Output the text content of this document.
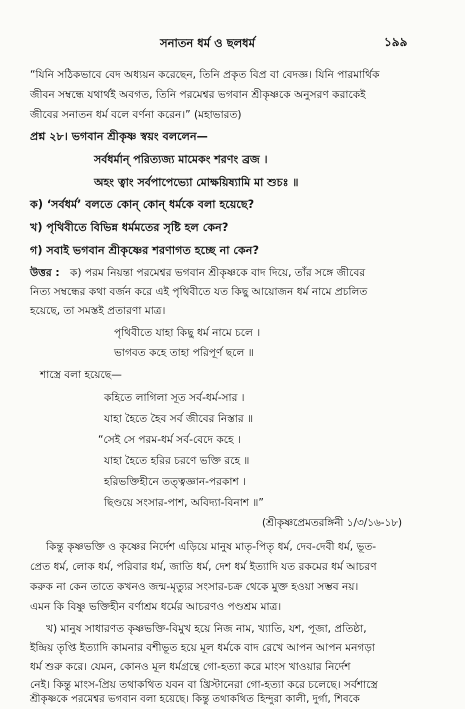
সনাতন ধর্ম ও ছলধর্ম	১৯৯
“যিনি সঠিকভাবে বেদ অধ্যয়ন করেছেন, তিনি প্রকৃত বিপ্র বা বেদজ্ঞ। যিনি পারমার্থিক
জীবন সম্বন্ধে যথার্থই অবগত, তিনি পরমেশ্বর ভগবান শ্রীকৃষ্ণকে অনুসরণ করাকেই
জীবের সনাতন ধর্ম বলে বর্ণনা করেন।” (মহাভারত)
প্রশ্ন ২৮। ভগবান শ্রীকৃষ্ণ স্বয়ং বললেন—
সর্বধর্মান্ পরিত্যজ্য মামেকং শরণং ব্রজ ।
অহং ত্বাং সর্বপাপেভ্যো মোক্ষয়িষ্যামি মা শুচঃ ॥
ক) ‘সর্বধর্ম’ বলতে কোন্ কোন্ ধর্মকে বলা হয়েছে?
খ) পৃথিবীতে বিভিন্ন ধর্মমতের সৃষ্টি হল কেন?
গ) সবাই ভগবান শ্রীকৃষ্ণের শরণাগত হচ্ছে না কেন?
উত্তর : ক) পরম নিয়ন্তা পরমেশ্বর ভগবান শ্রীকৃষ্ণকে বাদ দিয়ে, তাঁর সঙ্গে জীবের
নিত্য সম্বন্ধের কথা বর্জন করে এই পৃথিবীতে যত কিছু আয়োজন ধর্ম নামে প্রচলিত
হয়েছে, তা সমস্তই প্রতারণা মাত্র।
পৃথিবীতে যাহা কিছু ধর্ম নামে চলে ।
ভাগবত কহে তাহা পরিপূর্ণ ছলে ॥
শাস্ত্রে বলা হয়েছে—
কহিতে লাগিলা সূত সর্ব-ধর্ম-সার ।
যাহা হৈতে হৈব সর্ব জীবের নিস্তার ॥
“সেই সে পরম-ধর্ম সর্ব-বেদে কহে ।
যাহা হৈতে হরির চরণে ভক্তি রহে ॥
হরিভক্তিহীনে তত্ত্বজ্ঞান-পরকাশ ।
ছিণ্ডয়ে সংসার-পাশ, অবিদ্যা-বিনাশ ॥”
(শ্রীকৃষ্ণপ্রেমতরঙ্গিনী ১/৩/১৬-১৮)
কিন্তু কৃষ্ণভক্তি ও কৃষ্ণের নির্দেশ এড়িয়ে মানুষ মাতৃ-পিতৃ ধর্ম, দেব-দেবী ধর্ম, ভূত-
প্রেত ধর্ম, লোক ধর্ম, পরিবার ধর্ম, জাতি ধর্ম, দেশ ধর্ম ইত্যাদি যত রকমের ধর্ম আচরণ
করুক না কেন তাতে কখনও জন্ম-মৃত্যুর সংসার-চক্র থেকে মুক্ত হওয়া সম্ভব নয়।
এমন কি বিষ্ণু ভক্তিহীন বর্ণাশ্রম ধর্মের আচরণও পণ্ডশ্রম মাত্র।
খ) মানুষ সাধারণত কৃষ্ণভক্তি-বিমুখ হয়ে নিজ নাম, খ্যাতি, যশ, পূজা, প্রতিষ্ঠা,
ইন্দ্রিয় তৃপ্তি ইত্যাদি কামনার বশীভূত হয়ে মূল ধর্মকে বাদ রেখে আপন আপন মনগড়া
ধর্ম শুরু করে। যেমন, কোনও মূল ধর্মগ্রন্থে গো-হত্যা করে মাংস খাওয়ার নির্দেশ
নেই। কিন্তু মাংস-প্রিয় তথাকথিত যবন বা খ্রিস্টানেরা গো-হত্যা করে চলেছে। সর্বশাস্ত্রে
শ্রীকৃষ্ণকে পরমেশ্বর ভগবান বলা হয়েছে। কিন্তু তথাকথিত হিন্দুরা কালী, দুর্গা, শিবকে
